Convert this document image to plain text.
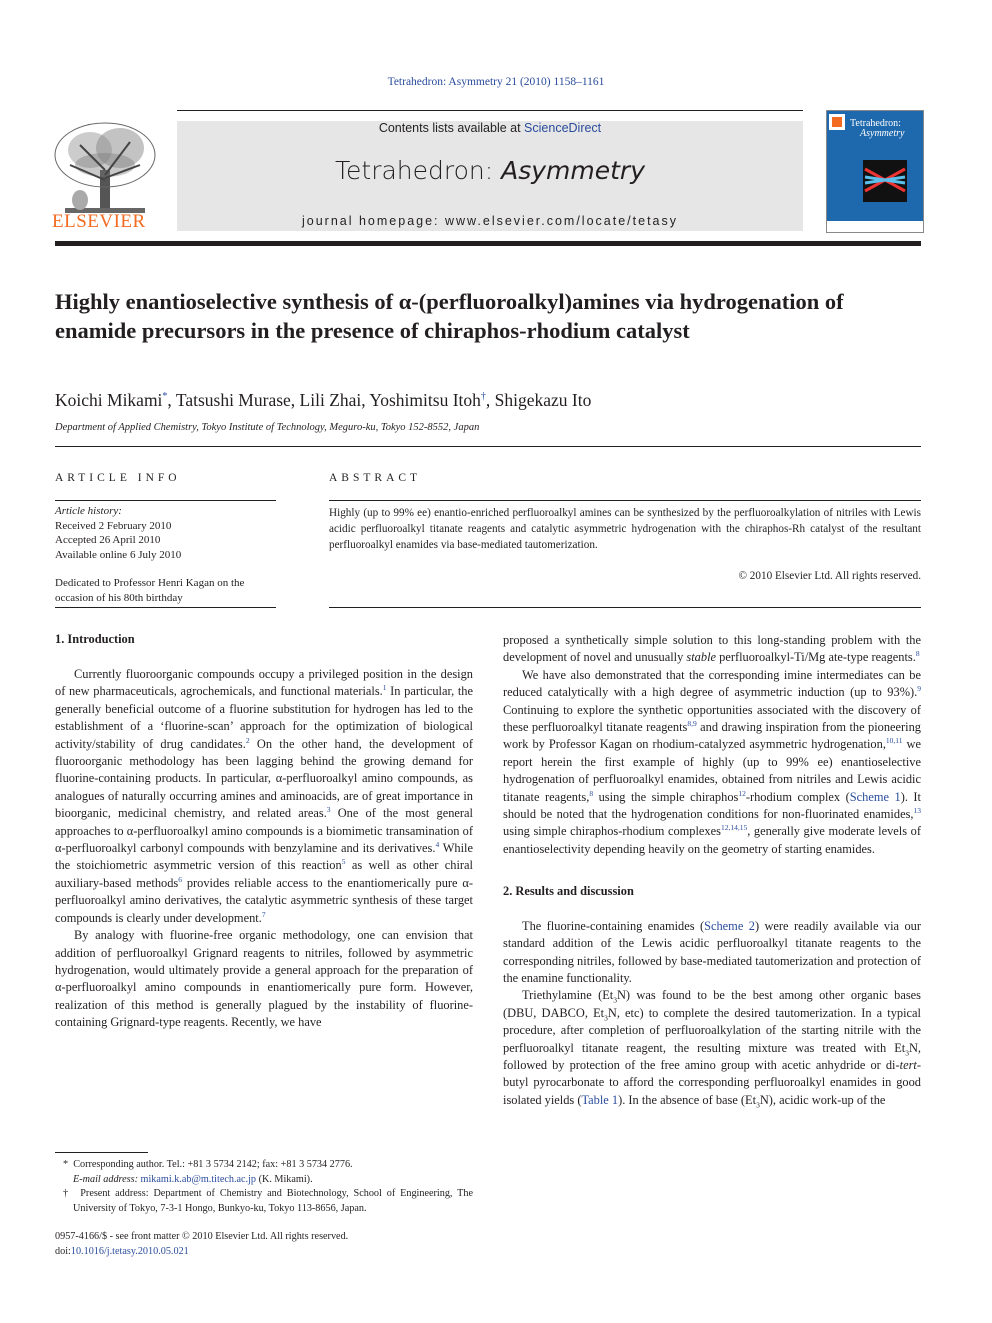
Tetrahedron: Asymmetry 21 (2010) 1158–1161
ELSEVIER
Contents lists available at ScienceDirect
Tetrahedron: Asymmetry
journal homepage: www.elsevier.com/locate/tetasy
Tetrahedron:
Asymmetry
Highly enantioselective synthesis of α-(perfluoroalkyl)amines via hydrogenation of enamide precursors in the presence of chiraphos-rhodium catalyst
Koichi Mikami*, Tatsushi Murase, Lili Zhai, Yoshimitsu Itoh†, Shigekazu Ito
Department of Applied Chemistry, Tokyo Institute of Technology, Meguro-ku, Tokyo 152-8552, Japan
ARTICLE INFO
Article history:
Received 2 February 2010
Accepted 26 April 2010
Available online 6 July 2010
Dedicated to Professor Henri Kagan on the occasion of his 80th birthday
ABSTRACT
Highly (up to 99% ee) enantio-enriched perfluoroalkyl amines can be synthesized by the perfluoroalkylation of nitriles with Lewis acidic perfluoroalkyl titanate reagents and catalytic asymmetric hydrogenation with the chiraphos-Rh catalyst of the resultant perfluoroalkyl enamides via base-mediated tautomerization.
© 2010 Elsevier Ltd. All rights reserved.
1. Introduction

Currently fluoroorganic compounds occupy a privileged position in the design of new pharmaceuticals, agrochemicals, and functional materials.$^1$ In particular, the generally beneficial outcome of a fluorine substitution for hydrogen has led to the establishment of a ‘fluorine-scan’ approach for the optimization of biological activity/stability of drug candidates.$^2$ On the other hand, the development of fluoroorganic methodology has been lagging behind the growing demand for fluorine-containing products. In particular, α-perfluoroalkyl amino compounds, as analogues of naturally occurring amines and aminoacids, are of great importance in bioorganic, medicinal chemistry, and related areas.$^3$ One of the most general approaches to α-perfluoroalkyl amino compounds is a biomimetic transamination of α-perfluoroalkyl carbonyl compounds with benzylamine and its derivatives.$^4$ While the stoichiometric asymmetric version of this reaction$^5$ as well as other chiral auxiliary-based methods$^6$ provides reliable access to the enantiomerically pure α-perfluoroalkyl amino derivatives, the catalytic asymmetric synthesis of these target compounds is clearly under development.$^7$

By analogy with fluorine-free organic methodology, one can envision that addition of perfluoroalkyl Grignard reagents to nitriles, followed by asymmetric hydrogenation, would ultimately provide a general approach for the preparation of α-perfluoroalkyl amino compounds in enantiomerically pure form. However, realization of this method is generally plagued by the instability of fluorine-containing Grignard-type reagents. Recently, we have

* Corresponding author. Tel.: +81 3 5734 2142; fax: +81 3 5734 2776.
E-mail address: mikami.k.ab@m.titech.ac.jp (K. Mikami).
† Present address: Department of Chemistry and Biotechnology, School of Engineering, The University of Tokyo, 7-3-1 Hongo, Bunkyo-ku, Tokyo 113-8656, Japan.
0957-4166/$ - see front matter © 2010 Elsevier Ltd. All rights reserved.
doi:10.1016/j.tetasy.2010.05.021

proposed a synthetically simple solution to this long-standing problem with the development of novel and unusually stable perfluoroalkyl-Ti/Mg ate-type reagents.$^8$

We have also demonstrated that the corresponding imine intermediates can be reduced catalytically with a high degree of asymmetric induction (up to 93%).$^9$ Continuing to explore the synthetic opportunities associated with the discovery of these perfluoroalkyl titanate reagents$^{8,9}$ and drawing inspiration from the pioneering work by Professor Kagan on rhodium-catalyzed asymmetric hydrogenation,$^{10,11}$ we report herein the first example of highly (up to 99% ee) enantioselective hydrogenation of perfluoroalkyl enamides, obtained from nitriles and Lewis acidic titanate reagents,$^8$ using the simple chiraphos$^{12}$-rhodium complex (Scheme 1). It should be noted that the hydrogenation conditions for non-fluorinated enamides,$^{13}$ using simple chiraphos-rhodium complexes$^{12,14,15}$, generally give moderate levels of enantioselectivity depending heavily on the geometry of starting enamides.

2. Results and discussion

The fluorine-containing enamides (Scheme 2) were readily available via our standard addition of the Lewis acidic perfluoroalkyl titanate reagents to the corresponding nitriles, followed by base-mediated tautomerization and protection of the enamine functionality.

Triethylamine $(Et_3N)$ was found to be the best among other organic bases (DBU, DABCO, $Et_3N$, etc) to complete the desired tautomerization. In a typical procedure, after completion of perfluoroalkylation of the starting nitrile with the perfluoroalkyl titanate reagent, the resulting mixture was treated with $Et_3N$, followed by protection of the free amino group with acetic anhydride or di-tert-butyl pyrocarbonate to afford the corresponding perfluoroalkyl enamides in good isolated yields (Table 1). In the absence of base $(Et_3N)$, acidic work-up of the
